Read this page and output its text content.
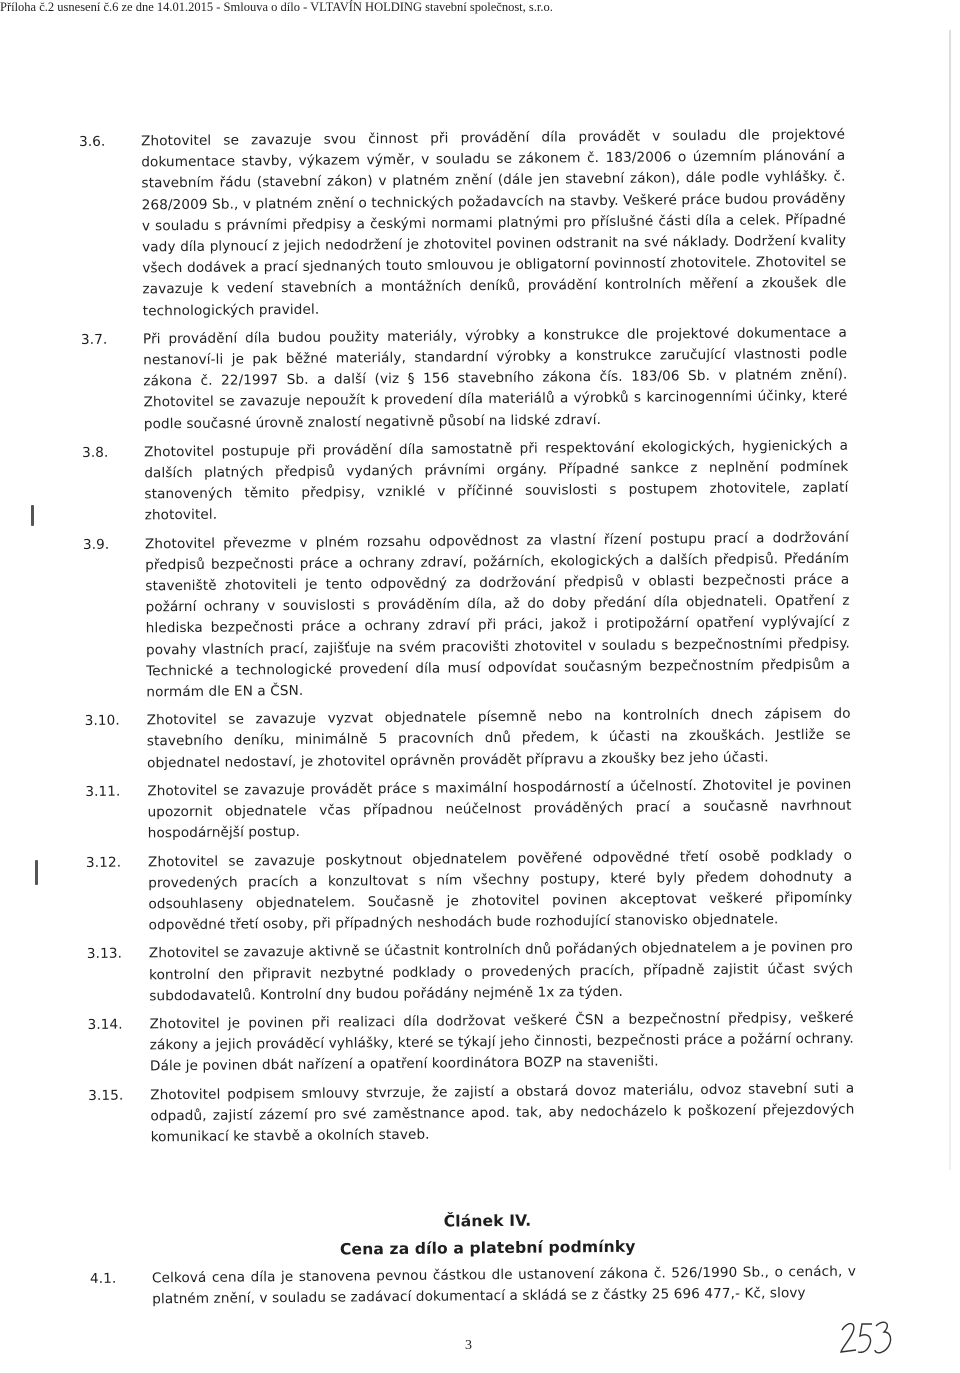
Příloha č.2 usnesení č.6 ze dne 14.01.2015 - Smlouva o dílo - VLTAVÍN HOLDING stavební společnost, s.r.o.
3.6.	Zhotovitel se zavazuje svou činnost při provádění díla provádět v souladu dle projektové dokumentace stavby, výkazem výměr, v souladu se zákonem č. 183/2006 o územním plánování a stavebním řádu (stavební zákon) v platném znění (dále jen stavební zákon), dále podle vyhlášky. č. 268/2009 Sb., v platném znění o technických požadavcích na stavby. Veškeré práce budou prováděny v souladu s právními předpisy a českými normami platnými pro příslušné části díla a celek. Případné vady díla plynoucí z jejich nedodržení je zhotovitel povinen odstranit na své náklady. Dodržení kvality všech dodávek a prací sjednaných touto smlouvou je obligatorní povinností zhotovitele. Zhotovitel se zavazuje k vedení stavebních a montážních deníků, provádění kontrolních měření a zkoušek dle technologických pravidel.
3.7.	Při provádění díla budou použity materiály, výrobky a konstrukce dle projektové dokumentace a nestanoví-li je pak běžné materiály, standardní výrobky a konstrukce zaručující vlastnosti podle zákona č. 22/1997 Sb. a další (viz § 156 stavebního zákona čís. 183/06 Sb. v platném znění). Zhotovitel se zavazuje nepoužít k provedení díla materiálů a výrobků s karcinogenními účinky, které podle současné úrovně znalostí negativně působí na lidské zdraví.
3.8.	Zhotovitel postupuje při provádění díla samostatně při respektování ekologických, hygienických a dalších platných předpisů vydaných právními orgány. Případné sankce z neplnění podmínek stanovených těmito předpisy, vzniklé v příčinné souvislosti s postupem zhotovitele, zaplatí zhotovitel.
3.9.	Zhotovitel převezme v plném rozsahu odpovědnost za vlastní řízení postupu prací a dodržování předpisů bezpečnosti práce a ochrany zdraví, požárních, ekologických a dalších předpisů. Předáním staveniště zhotoviteli je tento odpovědný za dodržování předpisů v oblasti bezpečnosti práce a požární ochrany v souvislosti s prováděním díla, až do doby předání díla objednateli. Opatření z hlediska bezpečnosti práce a ochrany zdraví při práci, jakož i protipožární opatření vyplývající z povahy vlastních prací, zajišťuje na svém pracovišti zhotovitel v souladu s bezpečnostními předpisy. Technické a technologické provedení díla musí odpovídat současným bezpečnostním předpisům a normám dle EN a ČSN.
3.10.	Zhotovitel se zavazuje vyzvat objednatele písemně nebo na kontrolních dnech zápisem do stavebního deníku, minimálně 5 pracovních dnů předem, k účasti na zkouškách. Jestliže se objednatel nedostaví, je zhotovitel oprávněn provádět přípravu a zkoušky bez jeho účasti.
3.11.	Zhotovitel se zavazuje provádět práce s maximální hospodárností a účelností. Zhotovitel je povinen upozornit objednatele včas případnou neúčelnost prováděných prací a současně navrhnout hospodárnější postup.
3.12.	Zhotovitel se zavazuje poskytnout objednatelem pověřené odpovědné třetí osobě podklady o provedených pracích a konzultovat s ním všechny postupy, které byly předem dohodnuty a odsouhlaseny objednatelem. Současně je zhotovitel povinen akceptovat veškeré připomínky odpovědné třetí osoby, při případných neshodách bude rozhodující stanovisko objednatele.
3.13.	Zhotovitel se zavazuje aktivně se účastnit kontrolních dnů pořádaných objednatelem a je povinen pro kontrolní den připravit nezbytné podklady o provedených pracích, případně zajistit účast svých subdodavatelů. Kontrolní dny budou pořádány nejméně 1x za týden.
3.14.	Zhotovitel je povinen při realizaci díla dodržovat veškeré ČSN a bezpečnostní předpisy, veškeré zákony a jejich prováděcí vyhlášky, které se týkají jeho činnosti, bezpečnosti práce a požární ochrany. Dále je povinen dbát nařízení a opatření koordinátora BOZP na staveništi.
3.15.	Zhotovitel podpisem smlouvy stvrzuje, že zajistí a obstará dovoz materiálu, odvoz stavební suti a odpadů, zajistí zázemí pro své zaměstnance apod. tak, aby nedocházelo k poškození přejezdových komunikací ke stavbě a okolních staveb.
Článek IV.
Cena za dílo a platební podmínky
4.1.	Celková cena díla je stanovena pevnou částkou dle ustanovení zákona č. 526/1990 Sb., o cenách, v platném znění, v souladu se zadávací dokumentací a skládá se z částky 25 696 477,- Kč, slovy
3
